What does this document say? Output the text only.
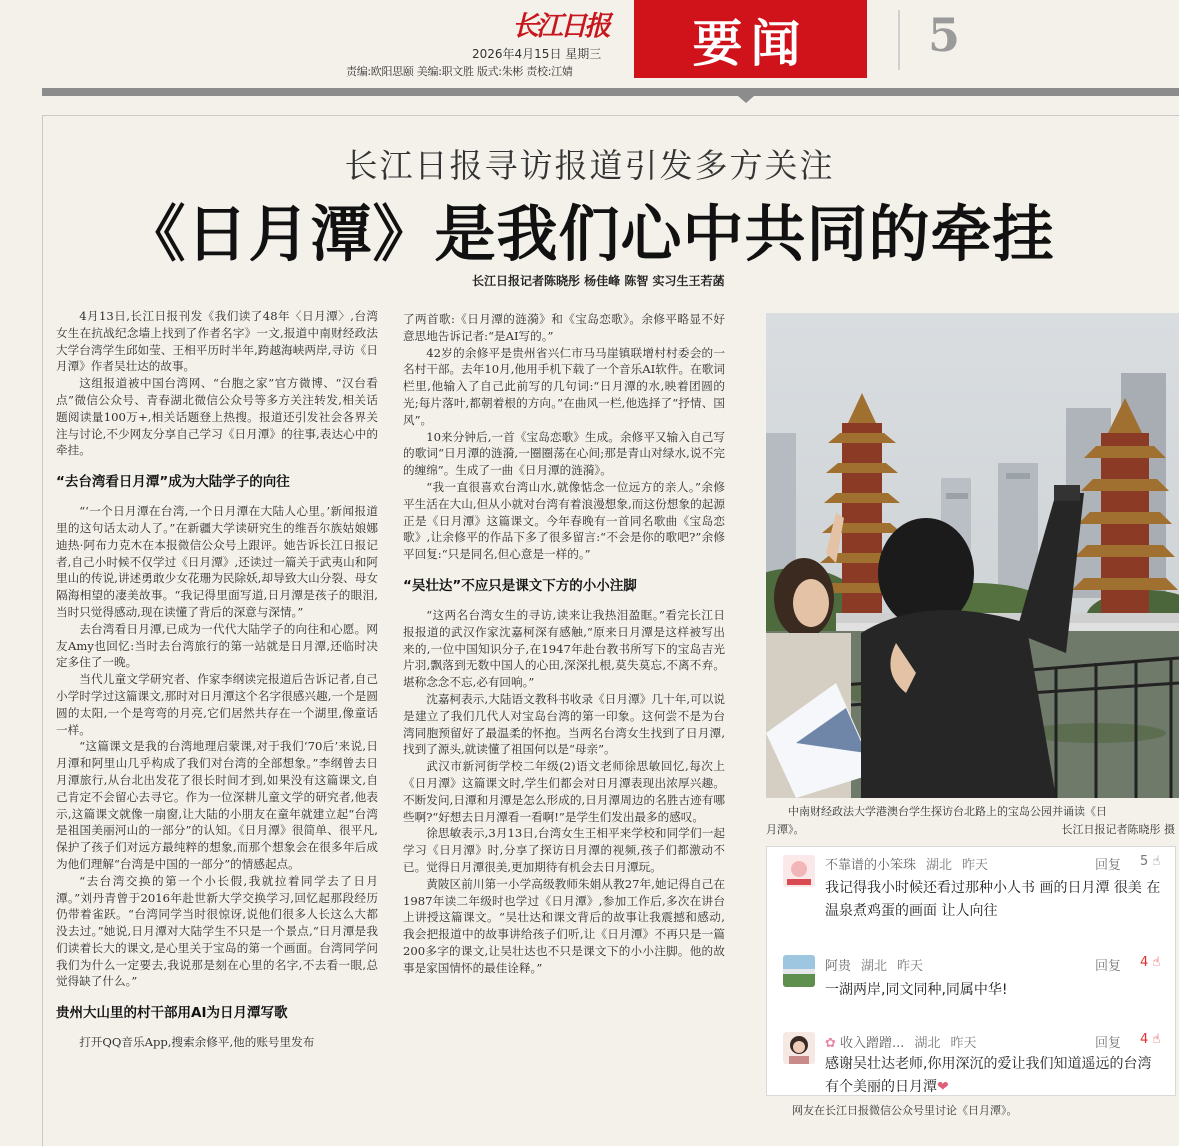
长江日报
2026年4月15日 星期三
责编:欧阳思颐 美编:职文胜 版式:朱彬 责校:江婧	要闻	5
长江日报寻访报道引发多方关注
《日月潭》是我们心中共同的牵挂
长江日报记者陈晓彤 杨佳峰 陈智 实习生王若菡

4月13日,长江日报刊发《我们读了48年〈日月潭〉,台湾女生在抗战纪念墙上找到了作者名字》一文,报道中南财经政法大学台湾学生邱如莹、王相平历时半年,跨越海峡两岸,寻访《日月潭》作者吴壮达的故事。

这组报道被中国台湾网、“台胞之家”官方微博、“汉台看点”微信公众号、青春湖北微信公众号等多方关注转发,相关话题阅读量100万+,相关话题登上热搜。报道还引发社会各界关注与讨论,不少网友分享自己学习《日月潭》的往事,表达心中的牵挂。

“去台湾看日月潭”成为大陆学子的向往

“‘一个日月潭在台湾,一个日月潭在大陆人心里。’新闻报道里的这句话太动人了。”在新疆大学读研究生的维吾尔族姑娘娜迪热·阿布力克木在本报微信公众号上跟评。她告诉长江日报记者,自己小时候不仅学过《日月潭》,还读过一篇关于武夷山和阿里山的传说,讲述勇敢少女花珊为民除妖,却导致大山分裂、母女隔海相望的凄美故事。“我记得里面写道,日月潭是孩子的眼泪,当时只觉得感动,现在读懂了背后的深意与深情。”

去台湾看日月潭,已成为一代代大陆学子的向往和心愿。网友Amy也回忆:当时去台湾旅行的第一站就是日月潭,还临时决定多住了一晚。

当代儿童文学研究者、作家李纲读完报道后告诉记者,自己小学时学过这篇课文,那时对日月潭这个名字很感兴趣,一个是圆圆的太阳,一个是弯弯的月亮,它们居然共存在一个湖里,像童话一样。

“这篇课文是我的台湾地理启蒙课,对于我们‘70后’来说,日月潭和阿里山几乎构成了我们对台湾的全部想象。”李纲曾去日月潭旅行,从台北出发花了很长时间才到,如果没有这篇课文,自己肯定不会留心去寻它。作为一位深耕儿童文学的研究者,他表示,这篇课文就像一扇窗,让大陆的小朋友在童年就建立起“台湾是祖国美丽河山的一部分”的认知。《日月潭》很简单、很平凡,保护了孩子们对远方最纯粹的想象,而那个想象会在很多年后成为他们理解“台湾是中国的一部分”的情感起点。

“去台湾交换的第一个小长假,我就拉着同学去了日月潭。”刘丹青曾于2016年赴世新大学交换学习,回忆起那段经历仍带着雀跃。“台湾同学当时很惊讶,说他们很多人长这么大都没去过。”她说,日月潭对大陆学生不只是一个景点,“日月潭是我们读着长大的课文,是心里关于宝岛的第一个画面。台湾同学问我们为什么一定要去,我说那是刻在心里的名字,不去看一眼,总觉得缺了什么。”

贵州大山里的村干部用AI为日月潭写歌

打开QQ音乐App,搜索余修平,他的账号里发布

了两首歌:《日月潭的涟漪》和《宝岛恋歌》。余修平略显不好意思地告诉记者:“是AI写的。”

42岁的余修平是贵州省兴仁市马马崖镇联增村村委会的一名村干部。去年10月,他用手机下载了一个音乐AI软件。在歌词栏里,他输入了自己此前写的几句词:“日月潭的水,映着团圆的光;每片落叶,都朝着根的方向。”在曲风一栏,他选择了“抒情、国风”。

10来分钟后,一首《宝岛恋歌》生成。余修平又输入自己写的歌词“日月潭的涟漪,一圈圈荡在心间;那是青山对绿水,说不完的缠绵”。生成了一曲《日月潭的涟漪》。

“我一直很喜欢台湾山水,就像惦念一位远方的亲人。”余修平生活在大山,但从小就对台湾有着浪漫想象,而这份想象的起源正是《日月潭》这篇课文。今年春晚有一首同名歌曲《宝岛恋歌》,让余修平的作品下多了很多留言:“不会是你的歌吧?”余修平回复:“只是同名,但心意是一样的。”

“吴壮达”不应只是课文下方的小小注脚

“这两名台湾女生的寻访,读来让我热泪盈眶。”看完长江日报报道的武汉作家沈嘉柯深有感触,“原来日月潭是这样被写出来的,一位中国知识分子,在1947年赴台教书所写下的宝岛吉光片羽,飘落到无数中国人的心田,深深扎根,莫失莫忘,不离不弃。堪称念念不忘,必有回响。”

沈嘉柯表示,大陆语文教科书收录《日月潭》几十年,可以说是建立了我们几代人对宝岛台湾的第一印象。这何尝不是为台湾同胞预留好了最温柔的怀抱。当两名台湾女生找到了日月潭,找到了源头,就读懂了祖国何以是“母亲”。

武汉市新河街学校二年级(2)语文老师徐思敏回忆,每次上《日月潭》这篇课文时,学生们都会对日月潭表现出浓厚兴趣。不断发问,日潭和月潭是怎么形成的,日月潭周边的名胜古迹有哪些啊?“好想去日月潭看一看啊!”是学生们发出最多的感叹。

徐思敏表示,3月13日,台湾女生王相平来学校和同学们一起学习《日月潭》时,分享了探访日月潭的视频,孩子们都激动不已。觉得日月潭很美,更加期待有机会去日月潭玩。

黄陂区前川第一小学高级教师朱娟从教27年,她记得自己在1987年读二年级时也学过《日月潭》,参加工作后,多次在讲台上讲授这篇课文。“吴壮达和课文背后的故事让我震撼和感动,我会把报道中的故事讲给孩子们听,让《日月潭》不再只是一篇200多字的课文,让吴壮达也不只是课文下的小小注脚。他的故事是家国情怀的最佳诠释。”

中南财经政法大学港澳台学生探访台北路上的宝岛公园并诵读《日
月潭》。	长江日报记者陈晓彤 摄
不靠谱的小笨珠 湖北 昨天	回复 5 ☝
我记得我小时候还看过那种小人书 画的日月潭 很美 在温泉煮鸡蛋的画面 让人向往
阿贵 湖北 昨天	回复 4 ☝
一湖两岸,同文同种,同属中华!
✿ 收入蹭蹭... 湖北 昨天	回复 4 ☝
感谢吴壮达老师,你用深沉的爱让我们知道遥远的台湾有个美丽的日月潭❤
网友在长江日报微信公众号里讨论《日月潭》。
